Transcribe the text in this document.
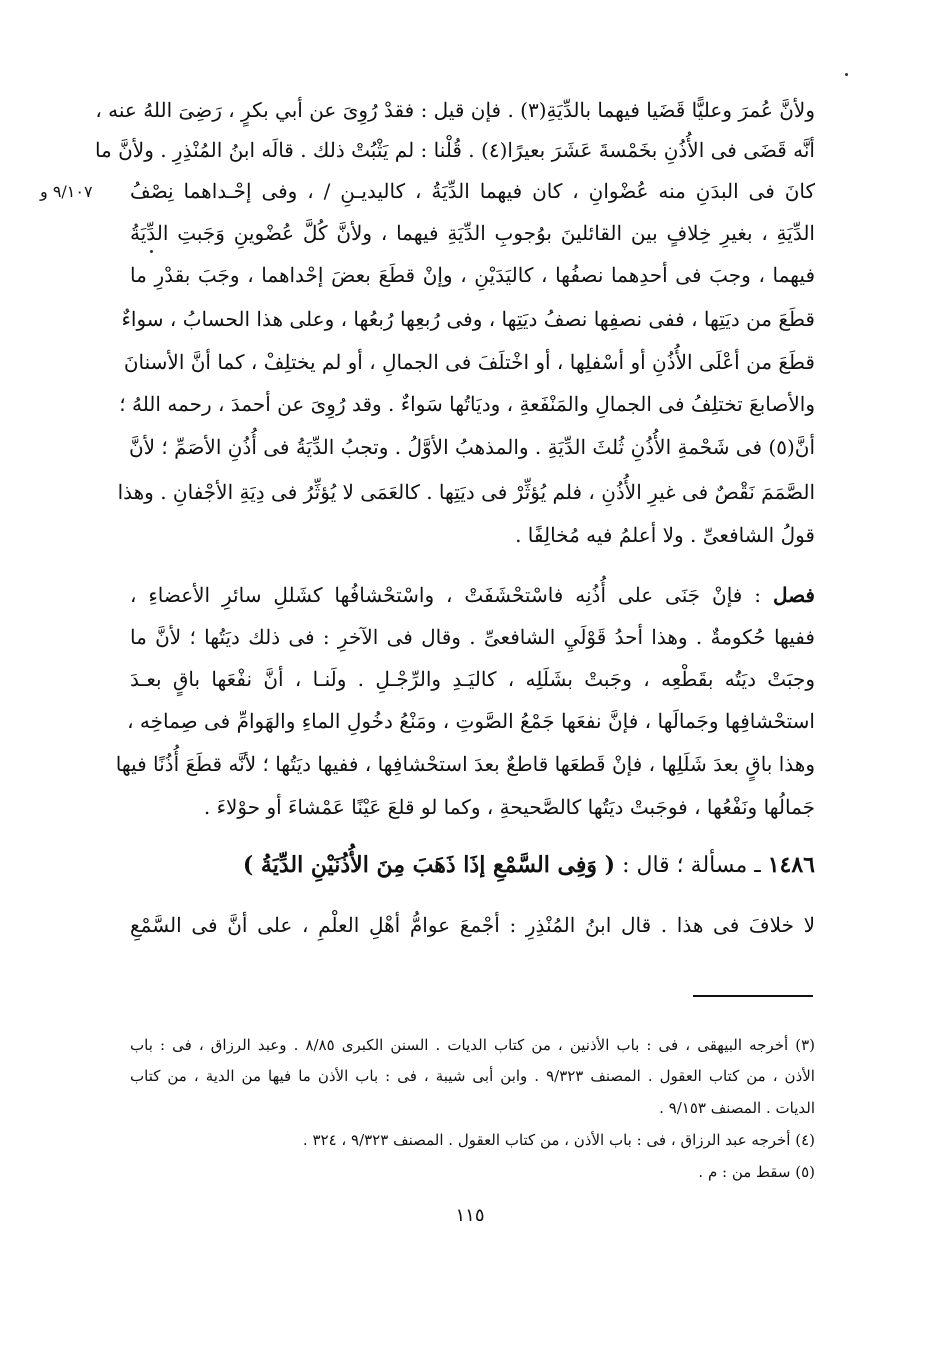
٩/١٠٧ و
ولأنَّ عُمرَ وعليًّا قَضَيا فيهما بالدِّيَةِ(٣) . فإن قيل : فقدْ رُوِىَ عن أبي بكرٍ ، رَضِىَ اللهُ عنه ،
أنَّه قَضَى فى الأُذُنِ بخَمْسةَ عَشَرَ بعيرًا(٤) . قُلْنا : لم يَثْبُتْ ذلك . قالَه ابنُ المُنْذِرِ . ولأنَّ ما
كانَ فى البدَنِ منه عُضْوانِ ، كان فيهما الدِّيَةُ ، كاليديـنِ / ، وفى إحْـداهما نِصْفُ
الدِّيَةِ ، بغيرِ خِلافٍ بين القائلينَ بوُجوبِ الدِّيَةِ فيهما ، ولأنَّ كُلَّ عُضْوينِ وَجَبتِ الدِّيَةُ
فيهما ، وجبَ فى أحدِهما نصفُها ، كاليَدَيْنِ ، وإنْ قطَعَ بعضَ إحْداهما ، وجَبَ بقدْرِ ما
قطَعَ من ديَتِها ، ففى نصفِها نصفُ ديَتِها ، وفى رُبعِها رُبعُها ، وعلى هذا الحسابُ ، سواءٌ
قطَعَ من أعْلَى الأُذُنِ أو أسْفلِها ، أو اخْتلَفَ فى الجمالِ ، أو لم يختلِفْ ، كما أنَّ الأسنانَ
والأصابعَ تختلِفُ فى الجمالِ والمَنْفَعةِ ، وديَاتُها سَواءٌ . وقد رُوِىَ عن أحمدَ ، رحمه اللهُ ؛
أنَّ(٥) فى شَحْمةِ الأُذُنِ ثُلثَ الدِّيَةِ . والمذهبُ الأوَّلُ . وتجبُ الدِّيَةُ فى أُذُنِ الأصَمِّ ؛ لأنَّ
الصَّمَمَ نَقْصٌ فى غيرِ الأُذُنِ ، فلم يُؤثِّرْ فى ديَتِها . كالعَمَى لا يُؤثِّرُ فى دِيَةِ الأجْفانِ . وهذا
قولُ الشافعىِّ . ولا أعلمُ فيه مُخالِفًا .
فصل : فإنْ جَنَى على أُذُنِه فاسْتحْشَفَتْ ، واسْتحْشافُها كشَللِ سائرِ الأعضاءِ ،
ففيها حُكومةٌ . وهذا أحدُ قَوْلَيِ الشافعىِّ . وقال فى الآخرِ : فى ذلك ديَتُها ؛ لأنَّ ما
وجبَتْ ديَتُه بقَطْعِه ، وجَبتْ بشَلَلِه ، كاليَـدِ والرِّجْـلِ . ولَنـا ، أنَّ نفْعَها باقٍ بعـدَ
استحْشافِها وجَمالَها ، فإنَّ نفعَها جَمْعُ الصَّوتِ ، ومَنْعُ دخُولِ الماءِ والهَوامِّ فى صِماخِه ،
وهذا باقٍ بعدَ شَلَلِها ، فإنْ قَطعَها قاطعٌ بعدَ استحْشافِها ، ففيها ديَتُها ؛ لأنَّه قطَعَ أُذُنًا فيها
جَمالُها ونَفْعُها ، فوجَبتْ ديَتُها كالصَّحيحةِ ، وكما لو قلعَ عَيْنًا عَمْشاءَ أو حوْلاءَ .
١٤٨٦ ـ مسألة ؛ قال : ( وَفِى السَّمْعِ إذَا ذَهَبَ مِنَ الأُذُنَيْنِ الدِّيَةُ )
لا خلافَ فى هذا . قال ابنُ المُنْذِرِ : أجْمعَ عوامُّ أهْلِ العلْمِ ، على أنَّ فى السَّمْعِ
(٣) أخرجه البيهقى ، فى : باب الأذنين ، من كتاب الديات . السنن الكبرى ٨/٨٥ . وعبد الرزاق ، فى : باب
الأذن ، من كتاب العقول . المصنف ٩/٣٢٣ . وابن أبى شيبة ، فى : باب الأذن ما فيها من الدية ، من كتاب
الديات . المصنف ٩/١٥٣ .
(٤) أخرجه عبد الرزاق ، فى : باب الأذن ، من كتاب العقول . المصنف ٩/٣٢٣ ، ٣٢٤ .
(٥) سقط من : م .
١١٥
